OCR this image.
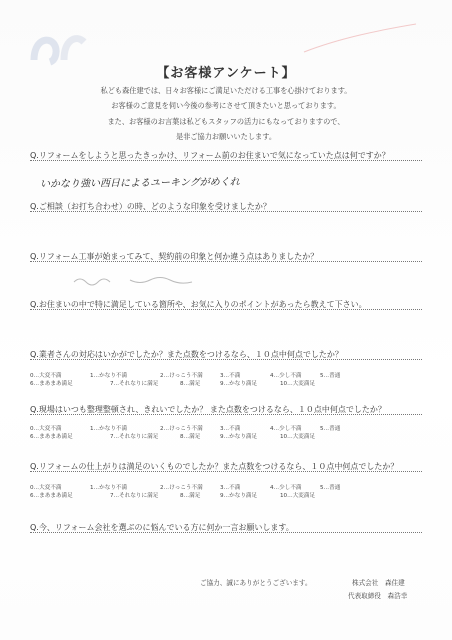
【お客様アンケート】
私ども森住建では、日々お客様にご満足いただける工事を心掛けております。
お客様のご意見を伺い今後の参考にさせて頂きたいと思っております。
また、お客様のお言葉は私どもスタッフの活力にもなっておりますので、
是非ご協力お願いいたします。
Q.リフォームをしようと思ったきっかけ、リフォーム前のお住まいで気になっていた点は何ですか？
いかなり強い西日によるユーキングがめくれ
Q.ご相談（お打ち合わせ）の時、どのような印象を受けましたか？
Q.リフォーム工事が始まってみて、契約前の印象と何か違う点はありましたか？
Q.お住まいの中で特に満足している箇所や、お気に入りのポイントがあったら教えて下さい。
Q.業者さんの対応はいかがでしたか？また点数をつけるなら、１０点中何点でしたか？
0…大変不満	1…かなり不満	2…けっこう不満	3…不満	4…少し不満	5…普通
6…まあまあ満足	7…それなりに満足	8…満足	9…かなり満足	10…大変満足
Q.現場はいつも整理整頓され、きれいでしたか？ また点数をつけるなら、１０点中何点でしたか？
0…大変不満	1…かなり不満	2…けっこう不満	3…不満	4…少し不満	5…普通
6…まあまあ満足	7…それなりに満足	8…満足	9…かなり満足	10…大変満足
Q.リフォームの仕上がりは満足のいくものでしたか？また点数をつけるなら、１０点中何点でしたか？
0…大変不満	1…かなり不満	2…けっこう不満	3…不満	4…少し不満	5…普通
6…まあまあ満足	7…それなりに満足	8…満足	9…かなり満足	10…大変満足
Q.今、リフォーム会社を選ぶのに悩んでいる方に何か一言お願いします。
ご協力、誠にありがとうございます。	株式会社　森住建
代表取締役　森浩幸
